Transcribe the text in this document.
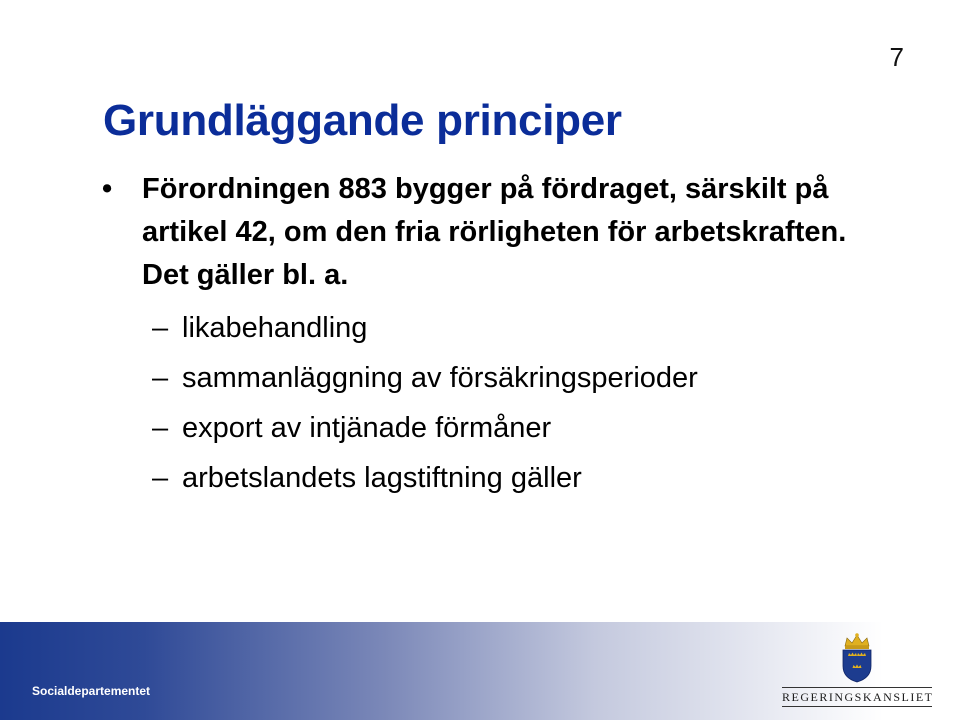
7
Grundläggande principer
•	Förordningen 883 bygger på fördraget, särskilt på artikel 42, om den fria rörligheten för arbetskraften. Det gäller bl. a.
– likabehandling
– sammanläggning av försäkringsperioder
– export av intjänade förmåner
– arbetslandets lagstiftning gäller
Socialdepartementet	REGERINGSKANSLIET
